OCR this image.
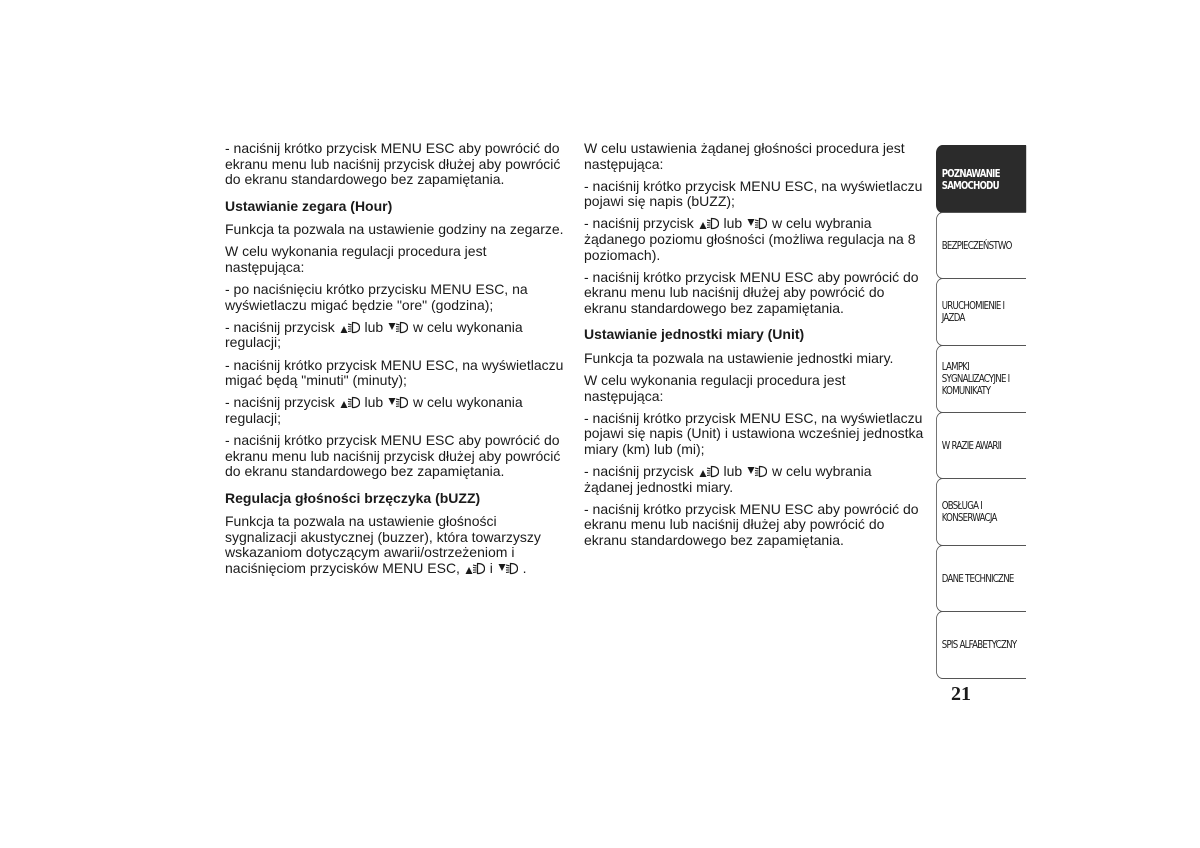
- naciśnij krótko przycisk MENU ESC aby powrócić do ekranu menu lub naciśnij przycisk dłużej aby powrócić do ekranu standardowego bez zapamiętania.

Ustawianie zegara (Hour)

Funkcja ta pozwala na ustawienie godziny na zegarze.

W celu wykonania regulacji procedura jest następująca:

- po naciśnięciu krótko przycisku MENU ESC, na wyświetlaczu migać będzie "ore" (godzina);

- naciśnij przycisk
lub
w celu wykonania regulacji;

- naciśnij krótko przycisk MENU ESC, na wyświetlaczu migać będą "minuti" (minuty);

- naciśnij przycisk
lub
w celu wykonania regulacji;

- naciśnij krótko przycisk MENU ESC aby powrócić do ekranu menu lub naciśnij przycisk dłużej aby powrócić do ekranu standardowego bez zapamiętania.

Regulacja głośności brzęczyka (bUZZ)

Funkcja ta pozwala na ustawienie głośności sygnalizacji akustycznej (buzzer), która towarzyszy wskazaniom dotyczącym awarii/ostrzeżeniom i naciśnięciom przycisków MENU ESC,
i
.

W celu ustawienia żądanej głośności procedura jest następująca:

- naciśnij krótko przycisk MENU ESC, na wyświetlaczu pojawi się napis (bUZZ);

- naciśnij przycisk
lub
w celu wybrania żądanego poziomu głośności (możliwa regulacja na 8 poziomach).

- naciśnij krótko przycisk MENU ESC aby powrócić do ekranu menu lub naciśnij dłużej aby powrócić do ekranu standardowego bez zapamiętania.

Ustawianie jednostki miary (Unit)

Funkcja ta pozwala na ustawienie jednostki miary.

W celu wykonania regulacji procedura jest następująca:

- naciśnij krótko przycisk MENU ESC, na wyświetlaczu pojawi się napis (Unit) i ustawiona wcześniej jednostka miary (km) lub (mi);

- naciśnij przycisk
lub
w celu wybrania żądanej jednostki miary.

- naciśnij krótko przycisk MENU ESC aby powrócić do ekranu menu lub naciśnij dłużej aby powrócić do ekranu standardowego bez zapamiętania.

POZNAWANIE
SAMOCHODU
BEZPIECZEŃSTWO
URUCHOMIENIE I
JAZDA
LAMPKI
SYGNALIZACYJNE I
KOMUNIKATY
W RAZIE AWARII
OBSŁUGA I
KONSERWACJA
DANE TECHNICZNE
SPIS ALFABETYCZNY
21
